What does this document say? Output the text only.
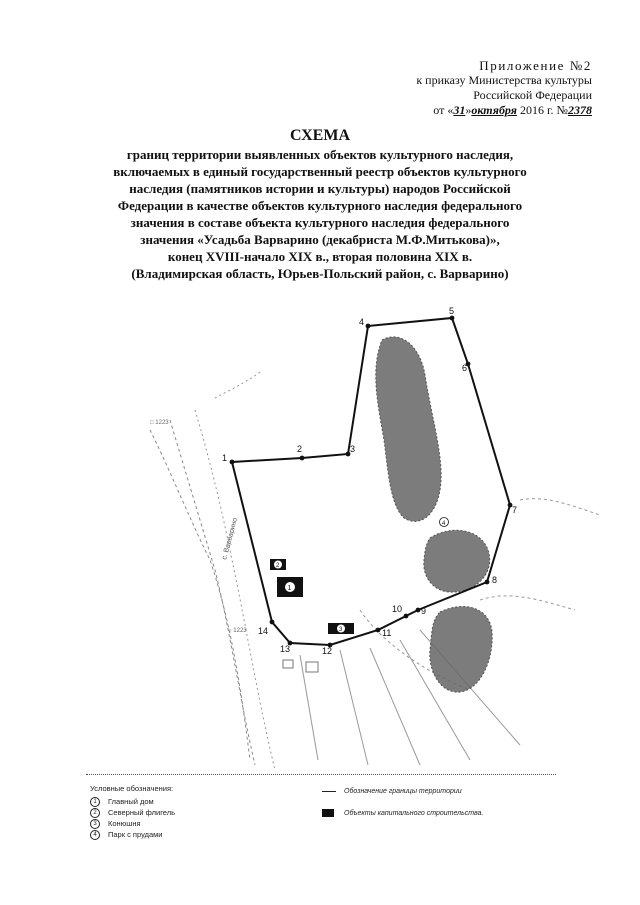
Приложение №2
к приказу Министерства культуры
Российской Федерации
от «31»октября 2016 г. №2378
СХЕМА
границ территории выявленных объектов культурного наследия,
включаемых в единый государственный реестр объектов культурного
наследия (памятников истории и культуры) народов Российской
Федерации в качестве объектов культурного наследия федерального
значения в составе объекта культурного наследия федерального
значения «Усадьба Варварино (декабриста М.Ф.Митькова)»,
конец XVIII-начало XIX в., вторая половина XIX в.
(Владимирская область, Юрьев-Польский район, с. Варварино)
□ 1223
○ 1223
с. Варварино
1
2	3
4
5
6
7
8
9
10
11
12
13
14
1
2
3
4
Условные обозначения:
1	Главный дом
2	Северный флигель
3	Конюшня
4	Парк с прудами
Обозначение границы территории
Объекты капитального строительства.
